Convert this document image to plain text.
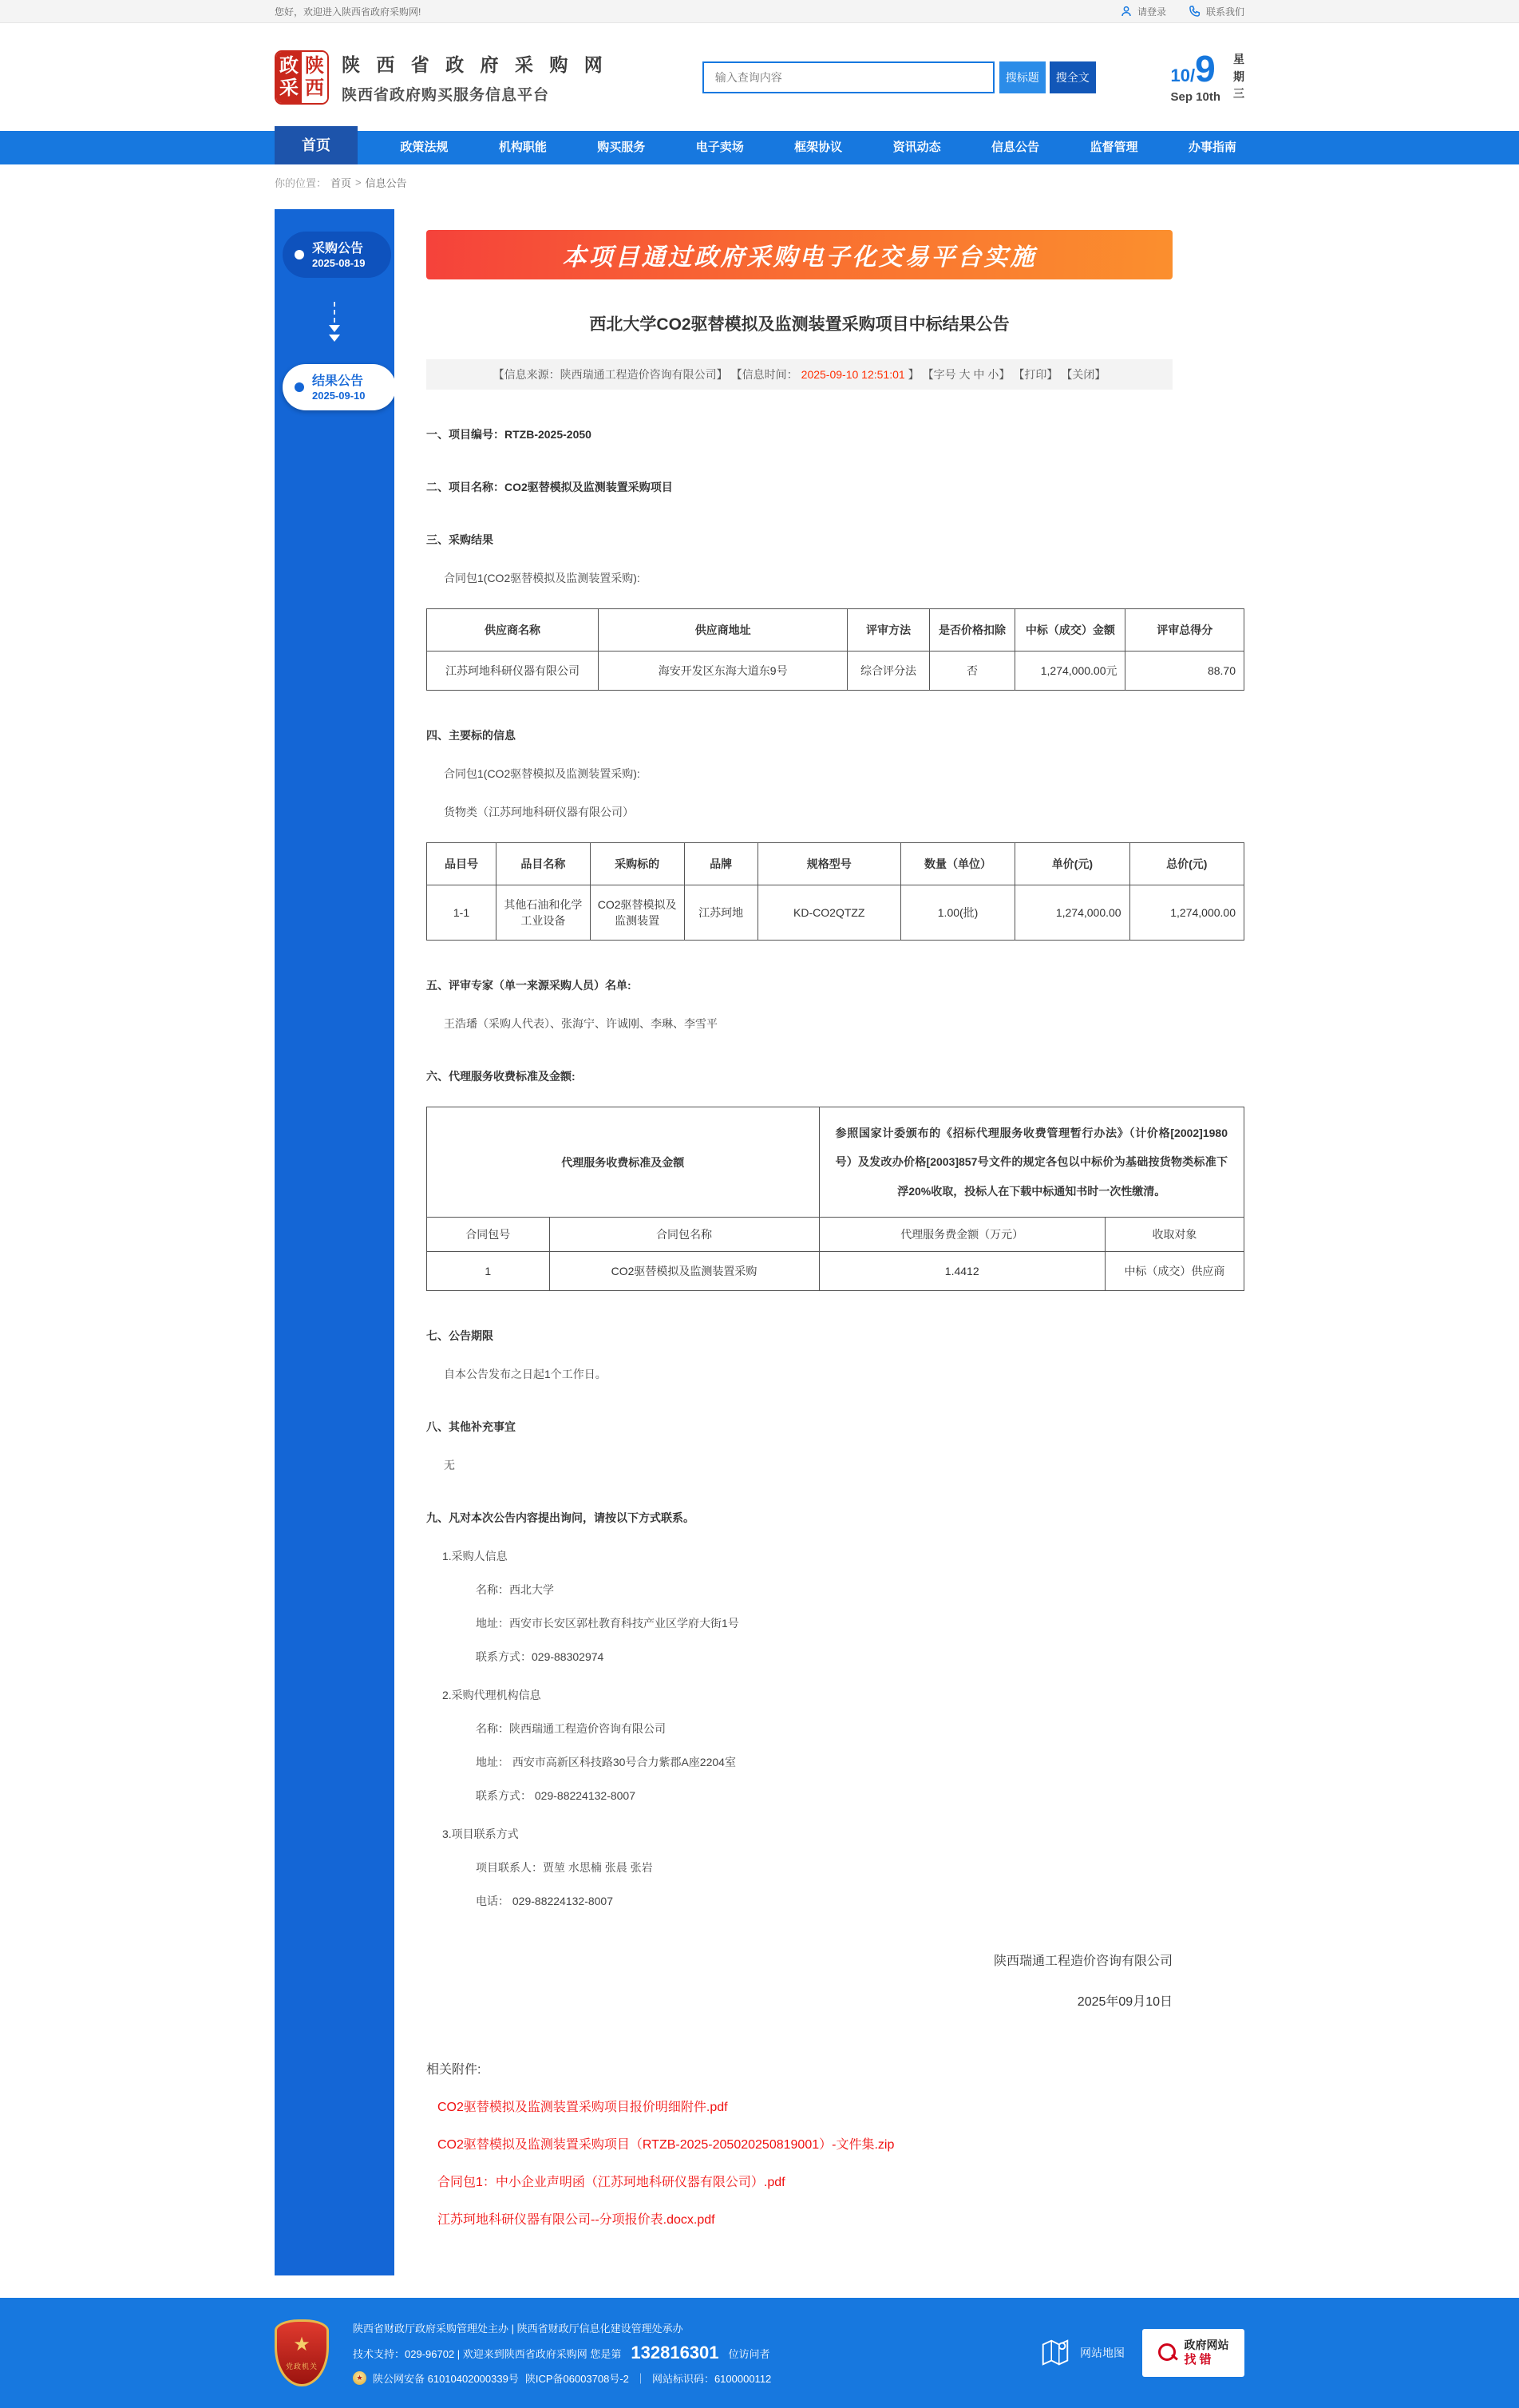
您好，欢迎进入陕西省政府采购网!	请登录	联系我们
政
采
陕
西
陕 西 省 政 府 采 购 网
陕西省政府购买服务信息平台
输入查询内容
搜标题	搜全文	10/9
Sep 10th
星
期
三
首页	政策法规	机构职能	购买服务	电子卖场	框架协议	资讯动态	信息公告	监督管理	办事指南
你的位置： 首页 > 信息公告
采购公告
2025-08-19
结果公告
2025-09-10
本项目通过政府采购电子化交易平台实施
西北大学CO2驱替模拟及监测装置采购项目中标结果公告
【信息来源：陕西瑞通工程造价咨询有限公司】 【信息时间： 2025-09-10 12:51:01 】 【字号 大 中 小】 【打印】 【关闭】
一、项目编号：RTZB-2025-2050
二、项目名称：CO2驱替模拟及监测装置采购项目
三、采购结果
合同包1(CO2驱替模拟及监测装置采购):
供应商名称	供应商地址	评审方法	是否价格扣除	中标（成交）金额	评审总得分
江苏珂地科研仪器有限公司	海安开发区东海大道东9号	综合评分法	否	1,274,000.00元	88.70
四、主要标的信息
合同包1(CO2驱替模拟及监测装置采购):
货物类（江苏珂地科研仪器有限公司）
品目号	品目名称	采购标的	品牌	规格型号	数量（单位）	单价(元)	总价(元)
1-1	其他石油和化学工业设备	CO2驱替模拟及监测装置	江苏珂地	KD-CO2QTZZ	1.00(批)	1,274,000.00	1,274,000.00
五、评审专家（单一来源采购人员）名单:
王浩璠（采购人代表）、张海宁、许诚刚、李琳、李雪平
六、代理服务收费标准及金额:
代理服务收费标准及金额		参照国家计委颁布的《招标代理服务收费管理暂行办法》（计价格[2002]1980号）及发改办价格[2003]857号文件的规定各包以中标价为基础按货物类标准下浮20%收取，投标人在下载中标通知书时一次性缴清。	
合同包号	合同包名称	代理服务费金额（万元）	收取对象
1	CO2驱替模拟及监测装置采购	1.4412	中标（成交）供应商
七、公告期限
自本公告发布之日起1个工作日。
八、其他补充事宜
无
九、凡对本次公告内容提出询问，请按以下方式联系。
1.采购人信息
名称：西北大学
地址：西安市长安区郭杜教育科技产业区学府大街1号
联系方式：029-88302974
2.采购代理机构信息
名称：陕西瑞通工程造价咨询有限公司
地址： 西安市高新区科技路30号合力紫郡A座2204室
联系方式： 029-88224132-8007
3.项目联系方式
项目联系人：贾堃 水思楠 张晨 张岩
电话： 029-88224132-8007
陕西瑞通工程造价咨询有限公司
2025年09月10日
相关附件:
CO2驱替模拟及监测装置采购项目报价明细附件.pdf
CO2驱替模拟及监测装置采购项目（RTZB-2025-205020250819001）-文件集.zip
合同包1：中小企业声明函（江苏珂地科研仪器有限公司）.pdf
江苏珂地科研仪器有限公司--分项报价表.docx.pdf
★
党政机关
陕西省财政厅政府采购管理处主办 | 陕西省财政厅信息化建设管理处承办
技术支持：029-96702 | 欢迎来到陕西省政府采购网 您是第 132816301 位访问者
★ 陕公网安备 61010402000339号 陕ICP备06003708号-2 ｜ 网站标识码：6100000112
网站地图
政府网站
找错
